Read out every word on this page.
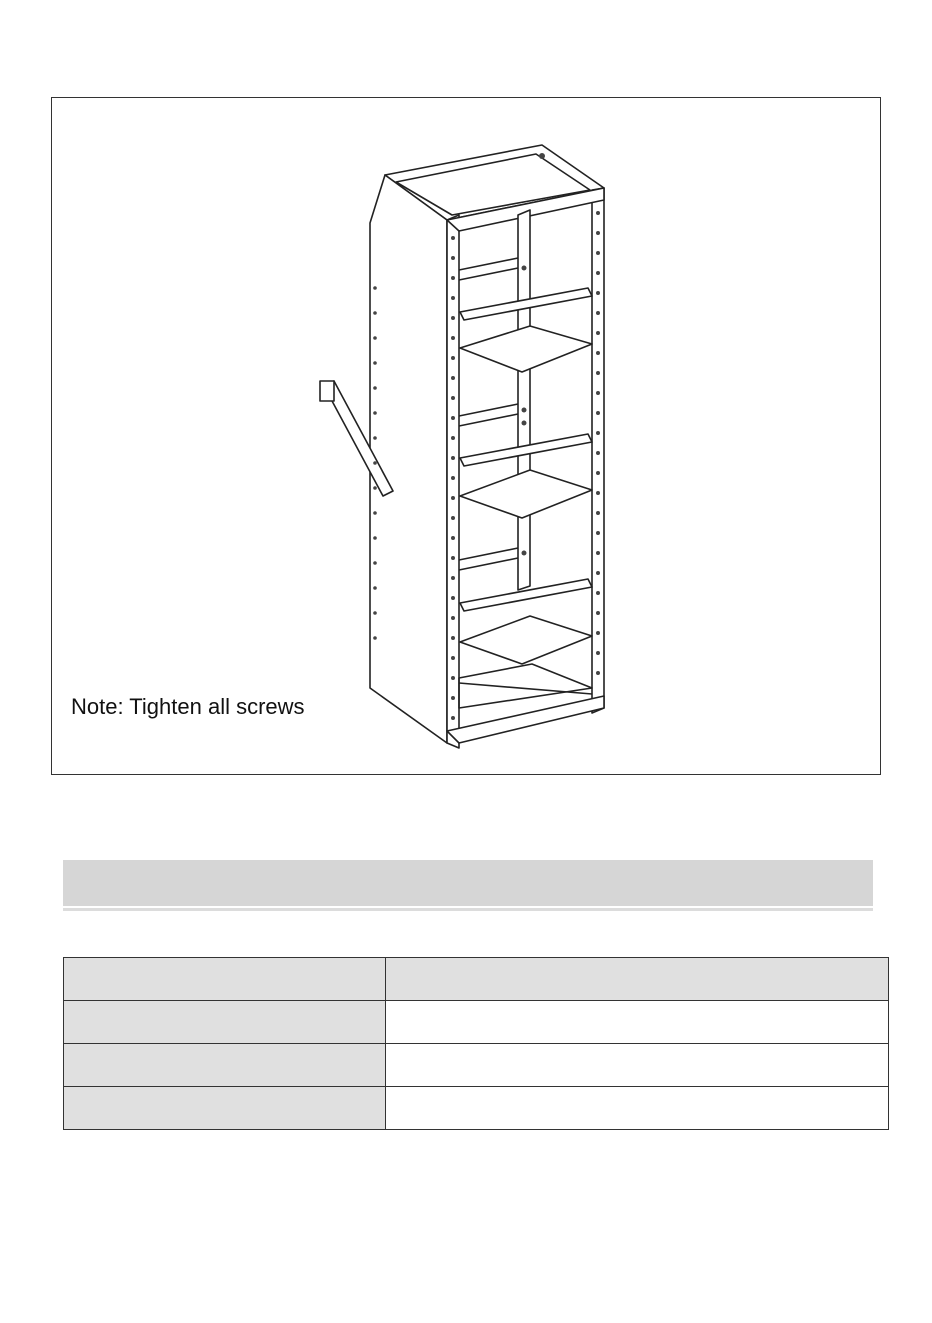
Note: Tighten all screws
